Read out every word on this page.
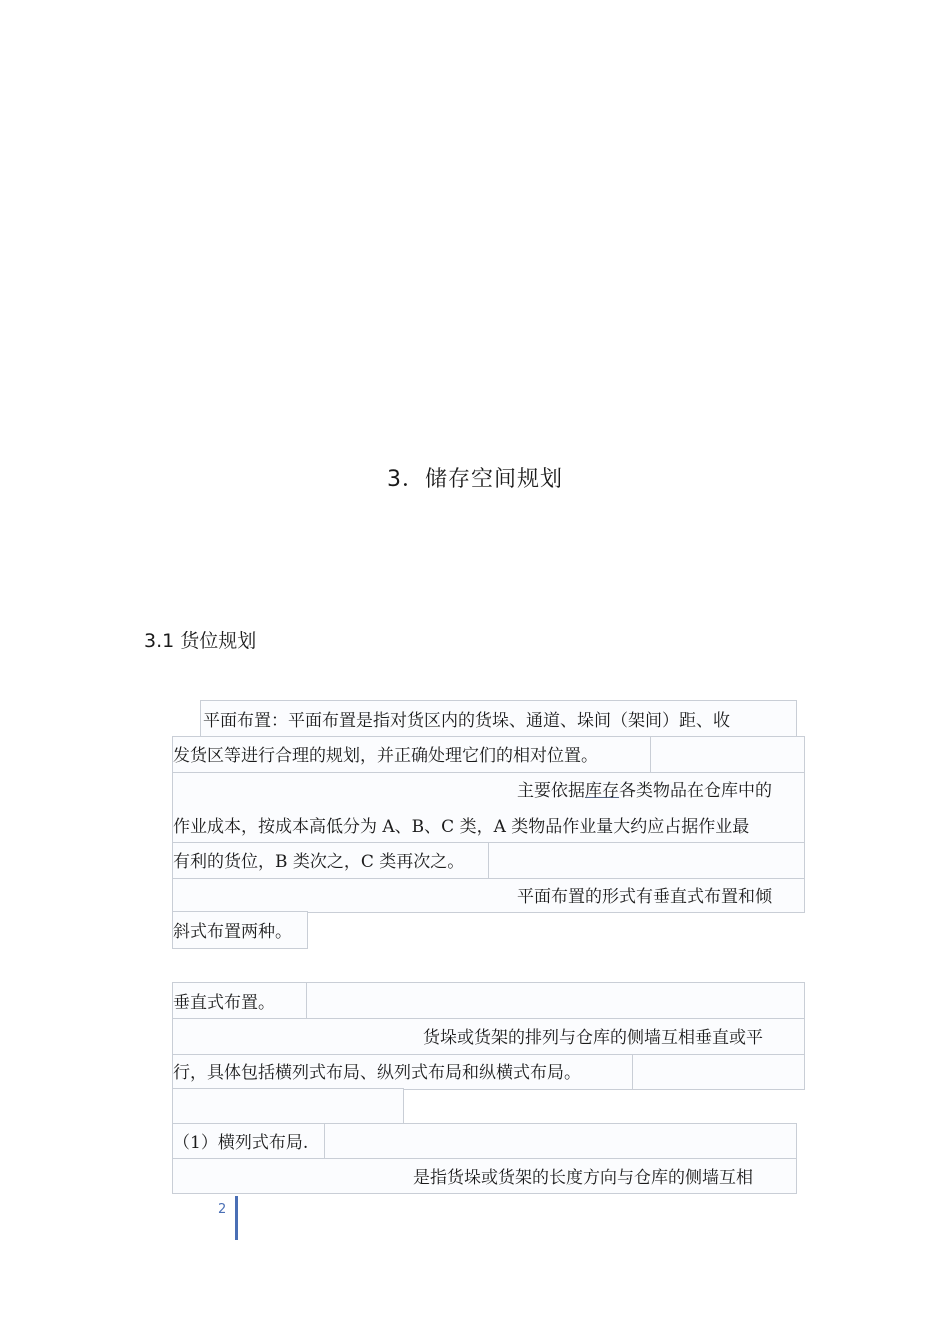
3．储存空间规划
3.1 货位规划
平面布置：平面布置是指对货区内的货垛、通道、垛间（架间）距、收
发货区等进行合理的规划，并正确处理它们的相对位置。
主要依据库存各类物品在仓库中的
作业成本，按成本高低分为 A、B、C 类，A 类物品作业量大约应占据作业最
有利的货位，B 类次之，C 类再次之。
平面布置的形式有垂直式布置和倾
斜式布置两种。
垂直式布置。
货垛或货架的排列与仓库的侧墙互相垂直或平
行，具体包括横列式布局、纵列式布局和纵横式布局。
（1）横列式布局.
是指货垛或货架的长度方向与仓库的侧墙互相
2
